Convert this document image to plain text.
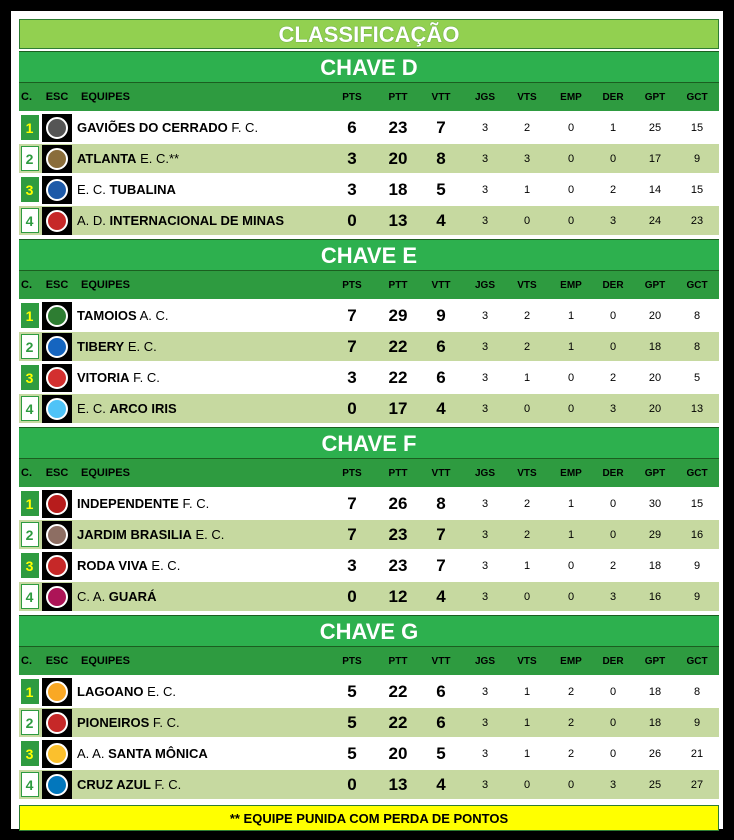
CLASSIFICAÇÃO
CHAVE D
C.	ESC	EQUIPES	PTS	PTT	VTT	JGS	VTS	EMP	DER	GPT	GCT
1	GAVIÕES DO CERRADO F. C.	6	23	7	3	2	0	1	25	15
2	ATLANTA E. C.**	3	20	8	3	3	0	0	17	9
3	E. C. TUBALINA	3	18	5	3	1	0	2	14	15
4	A. D. INTERNACIONAL DE MINAS	0	13	4	3	0	0	3	24	23
CHAVE E
C.	ESC	EQUIPES	PTS	PTT	VTT	JGS	VTS	EMP	DER	GPT	GCT
1	TAMOIOS A. C.	7	29	9	3	2	1	0	20	8
2	TIBERY E. C.	7	22	6	3	2	1	0	18	8
3	VITORIA F. C.	3	22	6	3	1	0	2	20	5
4	E. C. ARCO IRIS	0	17	4	3	0	0	3	20	13
CHAVE F
C.	ESC	EQUIPES	PTS	PTT	VTT	JGS	VTS	EMP	DER	GPT	GCT
1	INDEPENDENTE F. C.	7	26	8	3	2	1	0	30	15
2	JARDIM BRASILIA E. C.	7	23	7	3	2	1	0	29	16
3	RODA VIVA E. C.	3	23	7	3	1	0	2	18	9
4	C. A. GUARÁ	0	12	4	3	0	0	3	16	9
CHAVE G
C.	ESC	EQUIPES	PTS	PTT	VTT	JGS	VTS	EMP	DER	GPT	GCT
1	LAGOANO E. C.	5	22	6	3	1	2	0	18	8
2	PIONEIROS F. C.	5	22	6	3	1	2	0	18	9
3	A. A. SANTA MÔNICA	5	20	5	3	1	2	0	26	21
4	CRUZ AZUL F. C.	0	13	4	3	0	0	3	25	27
** EQUIPE PUNIDA COM PERDA DE PONTOS
